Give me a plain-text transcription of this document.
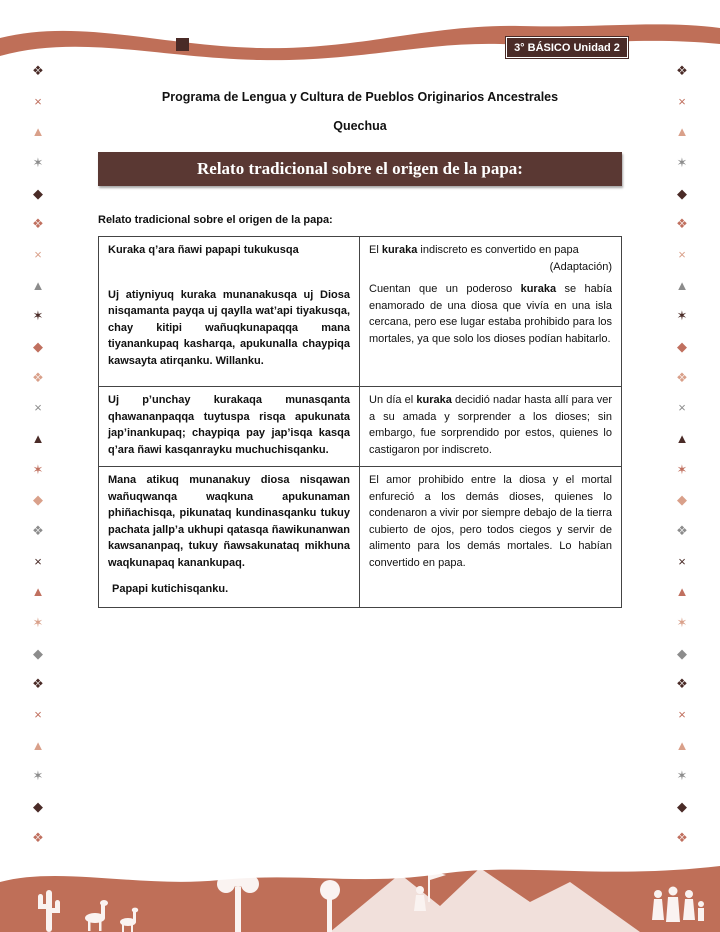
3° BÁSICO Unidad 2
❖
×
▲
✶
◆
❖
×
▲
✶
◆
❖
×
▲
✶
◆
❖
×
▲
✶
◆
❖
×
▲
✶
◆
❖
❖
×
▲
✶
◆
❖
×
▲
✶
◆
❖
×
▲
✶
◆
❖
×
▲
✶
◆
❖
×
▲
✶
◆
❖
Programa de Lengua y Cultura de Pueblos Originarios Ancestrales
Quechua
Relato tradicional sobre el origen de la papa:
Relato tradicional sobre el origen de la papa:
Kuraka q’ara ñawi papapi tukukusqa

Uj atiyniyuq kuraka munanakusqa uj Diosa nisqamanta payqa uj qaylla wat’api tiyakusqa, chay kitipi wañuqkunapaqqa mana tiyanankupaq kasharqa, apukunalla chaypiqa kawsayta atirqanku. Willanku.

El kuraka indiscreto es convertido en papa
(Adaptación)

Cuentan que un poderoso kuraka se había enamorado de una diosa que vivía en una isla cercana, pero ese lugar estaba prohibido para los mortales, ya que solo los dioses podían habitarlo.

Uj p’unchay kurakaqa munasqanta qhawananpaqqa tuytuspa risqa apukunata jap’inankupaq; chaypiqa pay jap’isqa kasqa q’ara ñawi kasqanrayku muchuchisqanku.

Un día el kuraka decidió nadar hasta allí para ver a su amada y sorprender a los dioses; sin embargo, fue sorprendido por estos, quienes lo castigaron por indiscreto.

Mana atikuq munanakuy diosa nisqawan wañuqwanqa waqkuna apukunaman phiñachisqa, pikunataq kundinasqanku tukuy pachata jallp’a ukhupi qatasqa ñawikunanwan kawsananpaq, tukuy ñawsakunataq mikhuna waqkunapaq kanankupaq.

Papapi kutichisqanku.

El amor prohibido entre la diosa y el mortal enfureció a los demás dioses, quienes lo condenaron a vivir por siempre debajo de la tierra cubierto de ojos, pero todos ciegos y servir de alimento para los demás mortales. Lo habían convertido en papa.
